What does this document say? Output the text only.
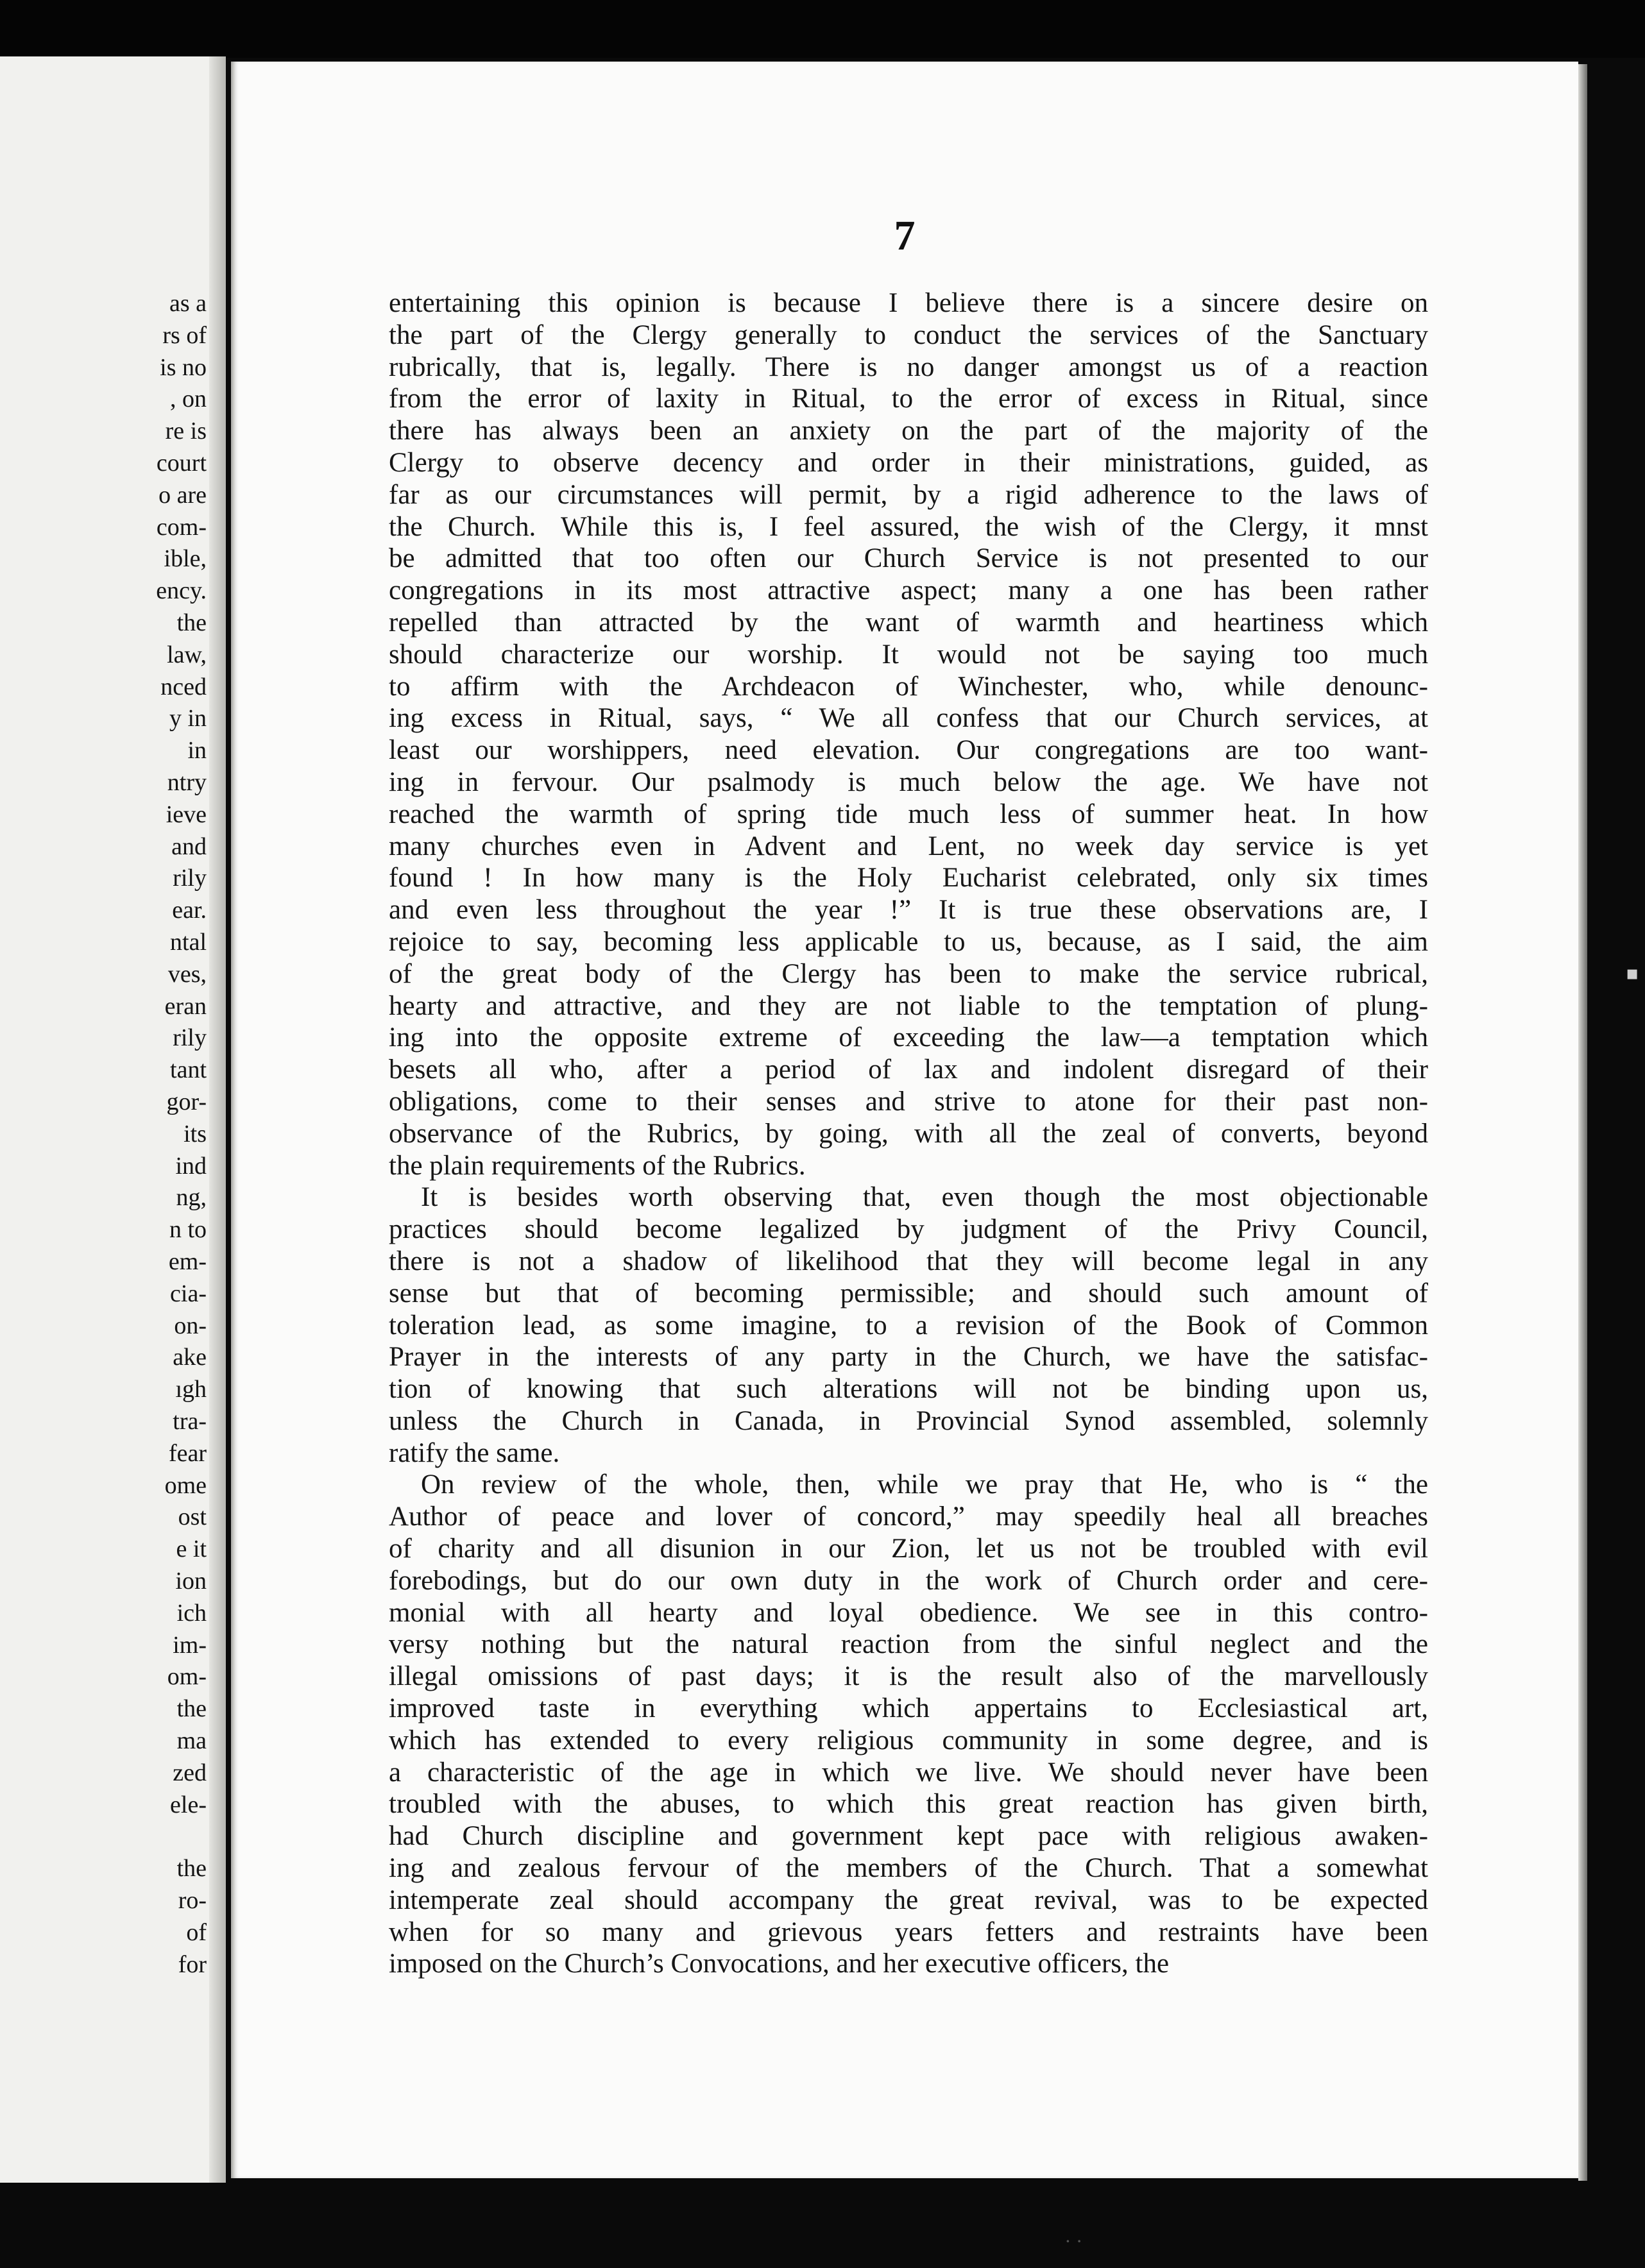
as a
rs of
is no
, on
re is
court
o are
com-
ible,
ency.
the
law,
nced
y in
in
ntry
ieve
and
rily
ear.
ntal
ves,
eran
rily
tant
gor-
its
ind
ng,
n to
em-
cia-
on-
ake
ıgh
tra-
fear
ome
ost
e it
ion
ich
im-
om-
the
ma
zed
ele-
the
ro-
of
for
7
entertaining this opinion is because I believe there is a sincere desire on
the part of the Clergy generally to conduct the services of the Sanctuary
rubrically, that is, legally. There is no danger amongst us of a reaction
from the error of laxity in Ritual, to the error of excess in Ritual, since
there has always been an anxiety on the part of the majority of the
Clergy to observe decency and order in their ministrations, guided, as
far as our circumstances will permit, by a rigid adherence to the laws of
the Church. While this is, I feel assured, the wish of the Clergy, it mnst
be admitted that too often our Church Service is not presented to our
congregations in its most attractive aspect; many a one has been rather
repelled than attracted by the want of warmth and heartiness which
should characterize our worship. It would not be saying too much
to affirm with the Archdeacon of Winchester, who, while denounc-
ing excess in Ritual, says, “ We all confess that our Church services, at
least our worshippers, need elevation. Our congregations are too want-
ing in fervour. Our psalmody is much below the age. We have not
reached the warmth of spring tide much less of summer heat. In how
many churches even in Advent and Lent, no week day service is yet
found ! In how many is the Holy Eucharist celebrated, only six times
and even less throughout the year !” It is true these observations are, I
rejoice to say, becoming less applicable to us, because, as I said, the aim
of the great body of the Clergy has been to make the service rubrical,
hearty and attractive, and they are not liable to the temptation of plung-
ing into the opposite extreme of exceeding the law—a temptation which
besets all who, after a period of lax and indolent disregard of their
obligations, come to their senses and strive to atone for their past non-
observance of the Rubrics, by going, with all the zeal of converts, beyond
the plain requirements of the Rubrics.
It is besides worth observing that, even though the most objectionable
practices should become legalized by judgment of the Privy Council,
there is not a shadow of likelihood that they will become legal in any
sense but that of becoming permissible; and should such amount of
toleration lead, as some imagine, to a revision of the Book of Common
Prayer in the interests of any party in the Church, we have the satisfac-
tion of knowing that such alterations will not be binding upon us,
unless the Church in Canada, in Provincial Synod assembled, solemnly
ratify the same.
On review of the whole, then, while we pray that He, who is “ the
Author of peace and lover of concord,” may speedily heal all breaches
of charity and all disunion in our Zion, let us not be troubled with evil
forebodings, but do our own duty in the work of Church order and cere-
monial with all hearty and loyal obedience. We see in this contro-
versy nothing but the natural reaction from the sinful neglect and the
illegal omissions of past days; it is the result also of the marvellously
improved taste in everything which appertains to Ecclesiastical art,
which has extended to every religious community in some degree, and is
a characteristic of the age in which we live. We should never have been
troubled with the abuses, to which this great reaction has given birth,
had Church discipline and government kept pace with religious awaken-
ing and zealous fervour of the members of the Church. That a somewhat
intemperate zeal should accompany the great revival, was to be expected
when for so many and grievous years fetters and restraints have been
imposed on the Church’s Convocations, and her executive officers, the
· ·
▪
